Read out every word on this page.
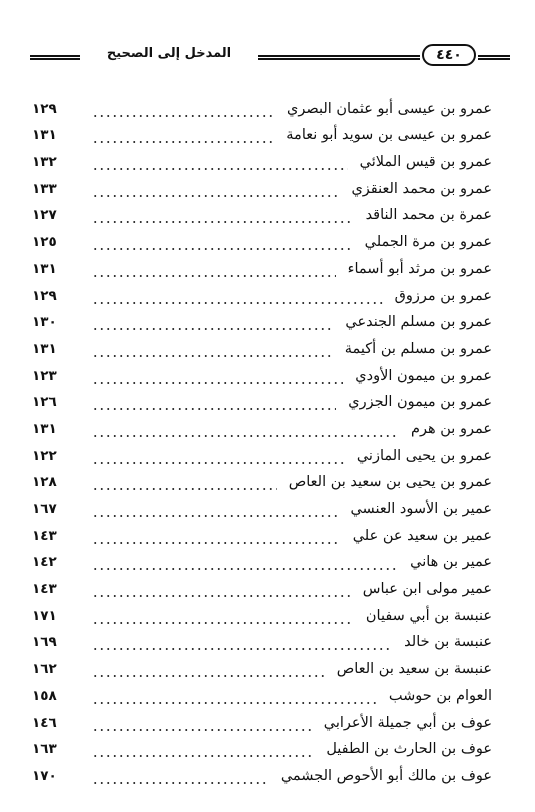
المدخل إلى الصحيح	٤٤٠
عمرو بن عيسى أبو عثمان البصري
١٢٩
عمرو بن عيسى بن سويد أبو نعامة
١٣١
عمرو بن قيس الملائي
١٣٢
عمرو بن محمد العنقزي
١٣٣
عمرة بن محمد الناقد
١٢٧
عمرو بن مرة الجملي
١٢٥
عمرو بن مرثد أبو أسماء
١٣١
عمرو بن مرزوق
١٢٩
عمرو بن مسلم الجندعي
١٣٠
عمرو بن مسلم بن أكيمة
١٣١
عمرو بن ميمون الأودي
١٢٣
عمرو بن ميمون الجزري
١٢٦
عمرو بن هرم
١٣١
عمرو بن يحيى المازني
١٢٢
عمرو بن يحيى بن سعيد بن العاص
١٢٨
عمير بن الأسود العنسي
١٦٧
عمير بن سعيد عن علي
١٤٣
عمير بن هاني
١٤٢
عمير مولى ابن عباس
١٤٣
عنبسة بن أبي سفيان
١٧١
عنبسة بن خالد
١٦٩
عنبسة بن سعيد بن العاص
١٦٢
العوام بن حوشب
١٥٨
عوف بن أبي جميلة الأعرابي
١٤٦
عوف بن الحارث بن الطفيل
١٦٣
عوف بن مالك أبو الأحوص الجشمي
١٧٠
